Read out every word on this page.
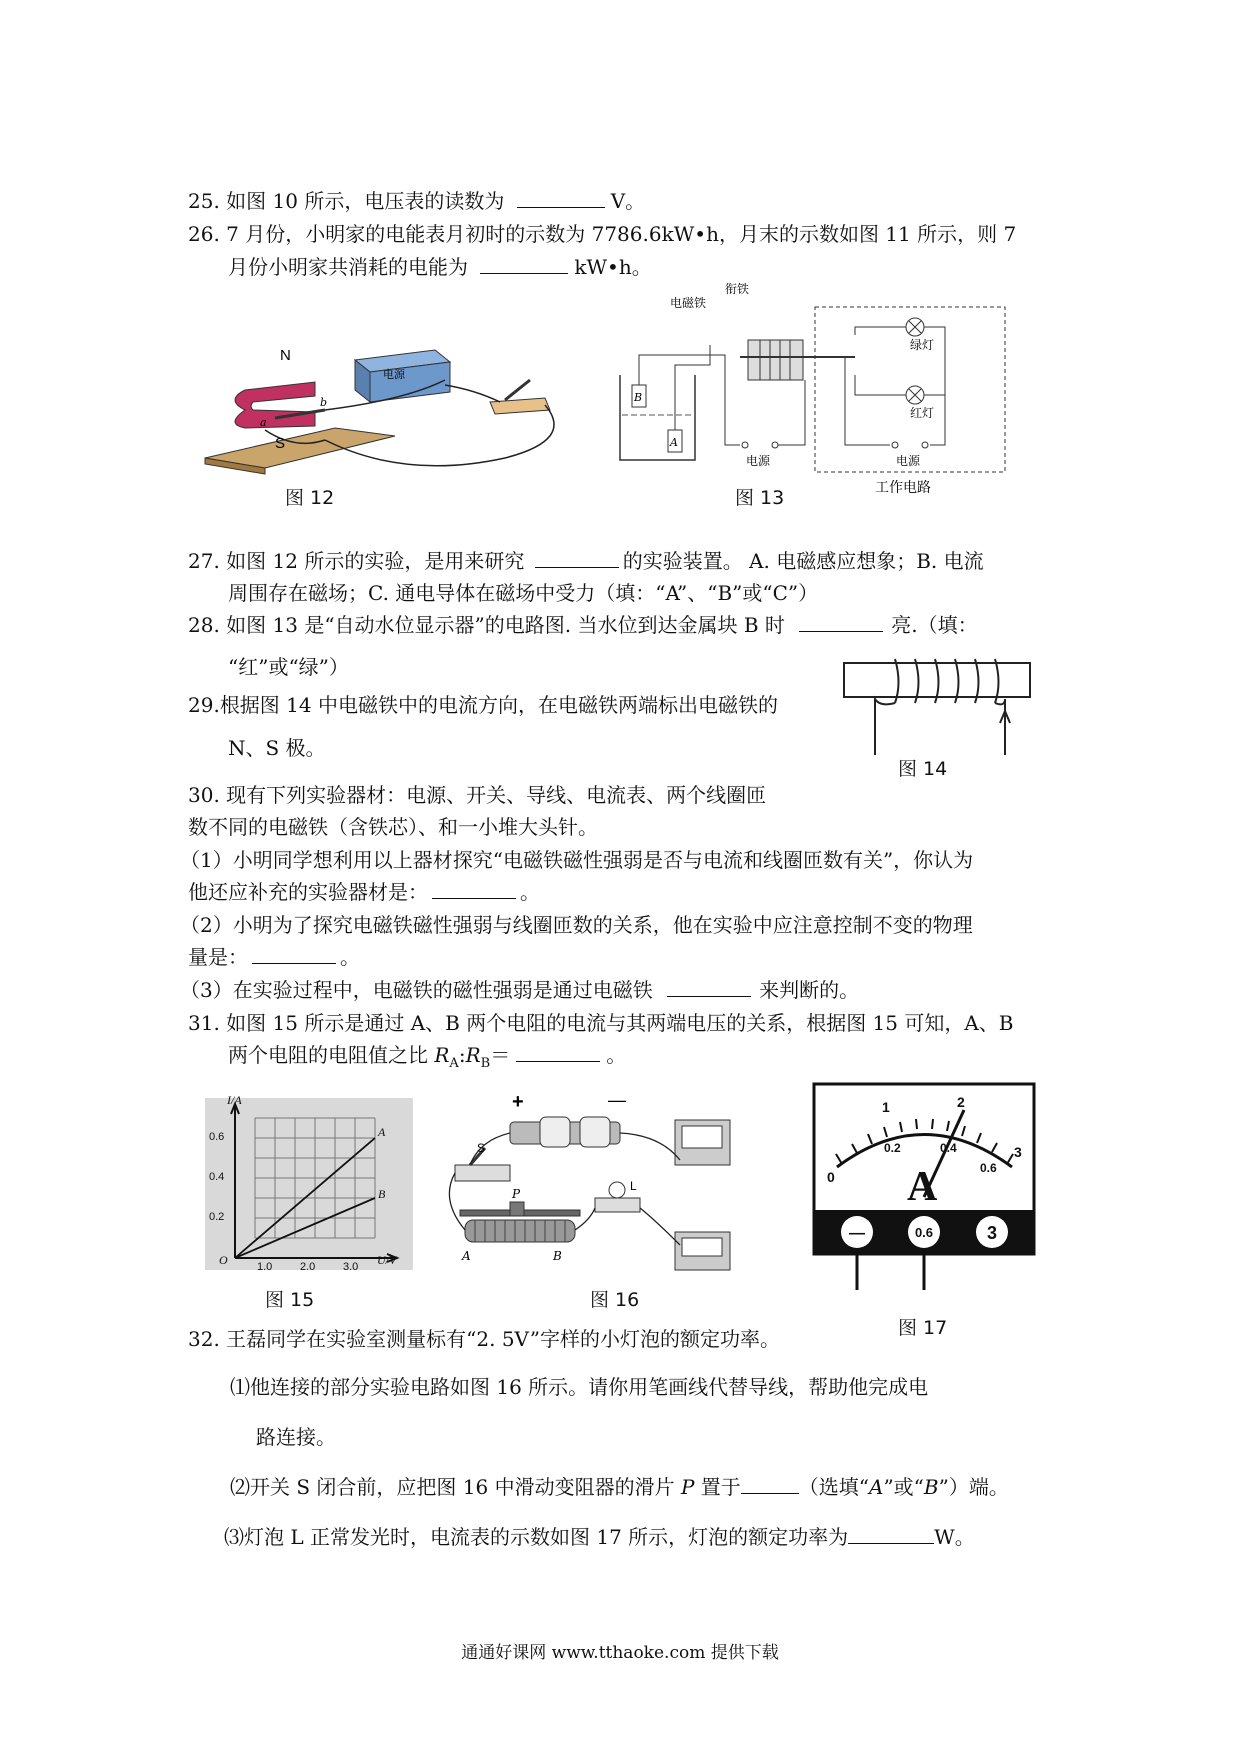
25. 如图 10 所示，电压表的读数为	V。
26. 7 月份，小明家的电能表月初时的示数为 7786.6kW•h，月末的示数如图 11 所示，则 7
月份小明家共消耗的电能为	kW•h。
N
S
a
b
电源
图 12
电磁铁
衔铁
绿灯
红灯
电源	电源
工作电路
B
A
图 13
27. 如图 12 所示的实验，是用来研究	的实验装置。 A. 电磁感应想象；B. 电流
周围存在磁场；C. 通电导体在磁场中受力（填：“A”、“B”或“C”）
28. 如图 13 是“自动水位显示器”的电路图. 当水位到达金属块 B 时	亮.（填：
“红”或“绿”）
图 14
29.根据图 14 中电磁铁中的电流方向，在电磁铁两端标出电磁铁的
N、S 极。
30. 现有下列实验器材：电源、开关、导线、电流表、两个线圈匝
数不同的电磁铁（含铁芯）、和一小堆大头针。
（1）小明同学想利用以上器材探究“电磁铁磁性强弱是否与电流和线圈匝数有关”，你认为
他还应补充的实验器材是：	。
（2）小明为了探究电磁铁磁性强弱与线圈匝数的关系，他在实验中应注意控制不变的物理
量是：	。
（3）在实验过程中，电磁铁的磁性强弱是通过电磁铁	来判断的。
31. 如图 15 所示是通过 A、B 两个电阻的电流与其两端电压的关系，根据图 15 可知，A、B
两个电阻的电阻值之比 $R_A:R_B=$	。
I/A
U/V
O
A
B
0.6
0.4
0.2
1.0	2.0	3.0
图 15
+	—
S
P
A	B
L
图 16
0
1	2
3
0.2	0.4
0.6
A
—	0.6	3
图 17
32. 王磊同学在实验室测量标有“2. 5V”字样的小灯泡的额定功率。
⑴他连接的部分实验电路如图 16 所示。请你用笔画线代替导线，帮助他完成电
路连接。
⑵开关 S 闭合前，应把图 16 中滑动变阻器的滑片 P 置于	（选填“A”或“B”）端。
⑶灯泡 L 正常发光时，电流表的示数如图 17 所示，灯泡的额定功率为	W。
通通好课网 www.tthaoke.com 提供下载
